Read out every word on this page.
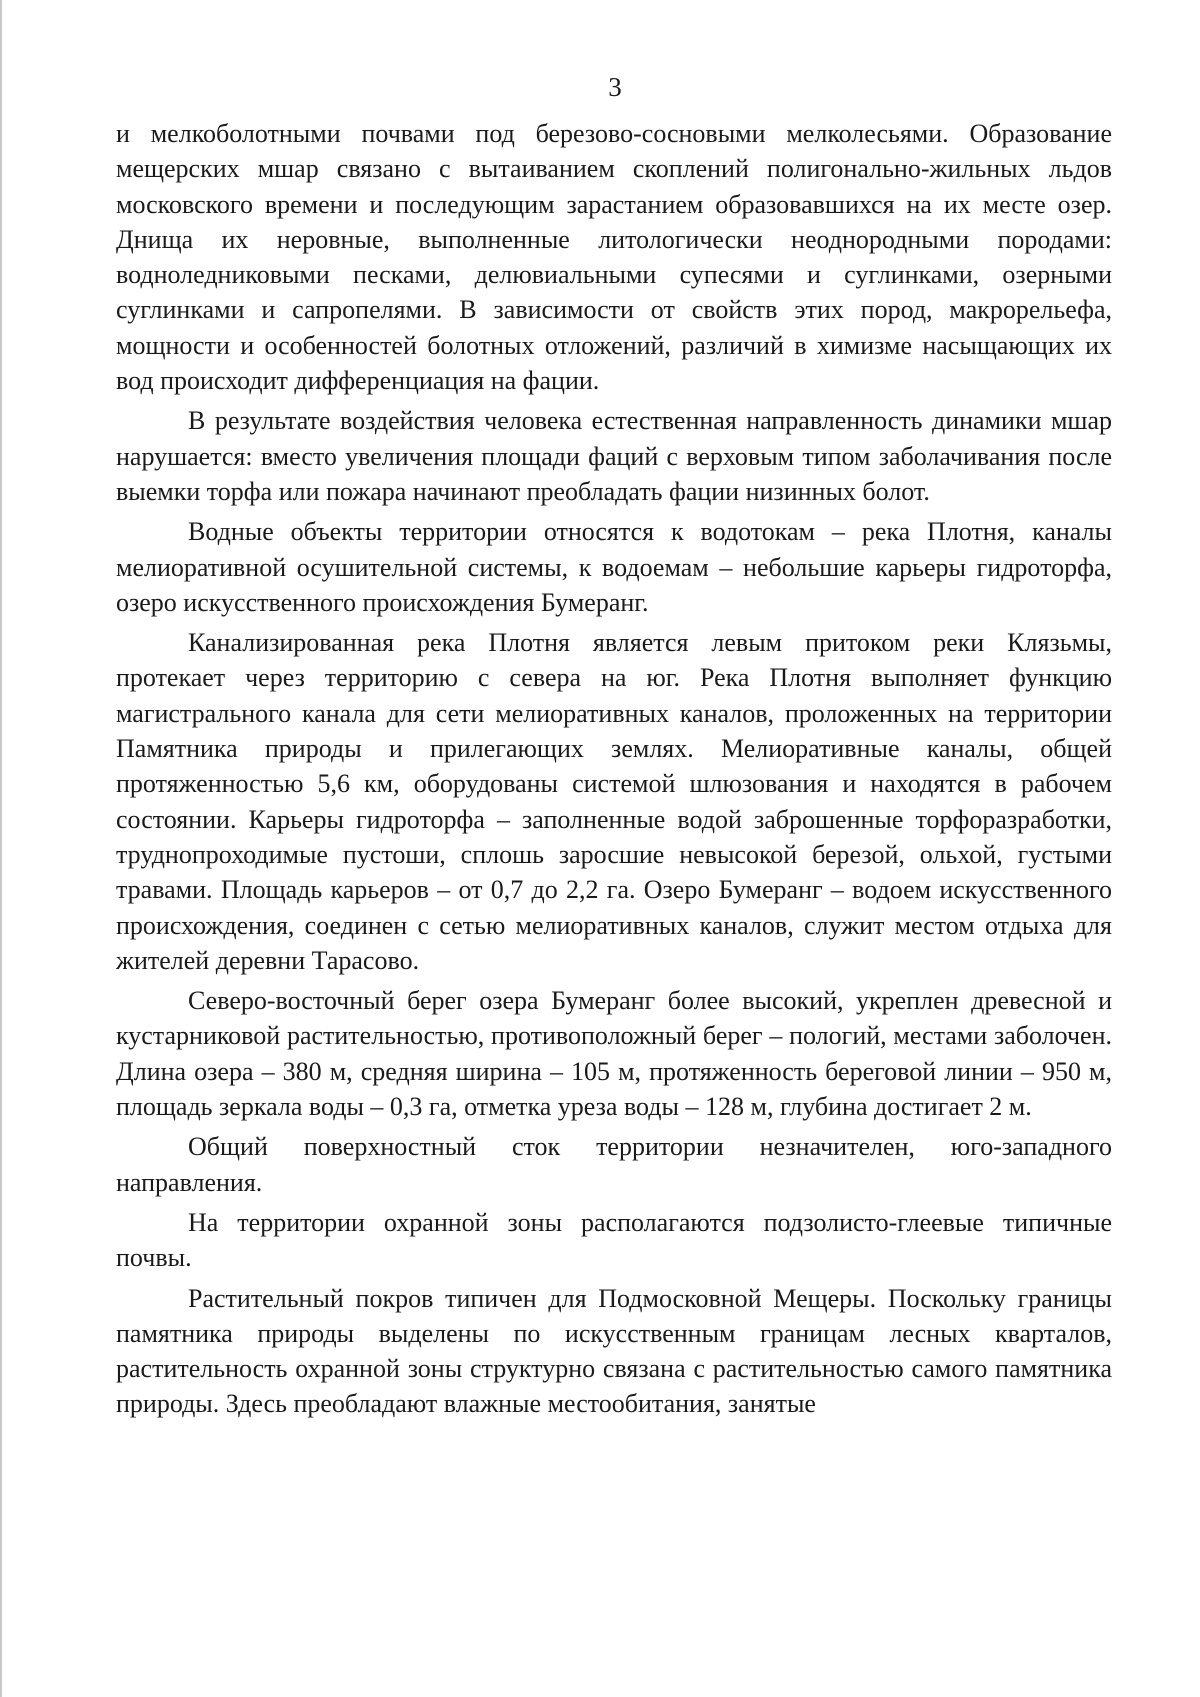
3

и мелкоболотными почвами под березово-сосновыми мелколесьями. Образование мещерских мшар связано с вытаиванием скоплений полигонально-жильных льдов московского времени и последующим зарастанием образовавшихся на их месте озер. Днища их неровные, выполненные литологически неоднородными породами: водноледниковыми песками, делювиальными супесями и суглинками, озерными суглинками и сапропелями. В зависимости от свойств этих пород, макрорельефа, мощности и особенностей болотных отложений, различий в химизме насыщающих их вод происходит дифференциация на фации.

В результате воздействия человека естественная направленность динамики мшар нарушается: вместо увеличения площади фаций с верховым типом заболачивания после выемки торфа или пожара начинают преобладать фации низинных болот.

Водные объекты территории относятся к водотокам – река Плотня, каналы мелиоративной осушительной системы, к водоемам – небольшие карьеры гидроторфа, озеро искусственного происхождения Бумеранг.

Канализированная река Плотня является левым притоком реки Клязьмы, протекает через территорию с севера на юг. Река Плотня выполняет функцию магистрального канала для сети мелиоративных каналов, проложенных на территории Памятника природы и прилегающих землях. Мелиоративные каналы, общей протяженностью 5,6 км, оборудованы системой шлюзования и находятся в рабочем состоянии. Карьеры гидроторфа – заполненные водой заброшенные торфоразработки, труднопроходимые пустоши, сплошь заросшие невысокой березой, ольхой, густыми травами. Площадь карьеров – от 0,7 до 2,2 га. Озеро Бумеранг – водоем искусственного происхождения, соединен с сетью мелиоративных каналов, служит местом отдыха для жителей деревни Тарасово.

Северо-восточный берег озера Бумеранг более высокий, укреплен древесной и кустарниковой растительностью, противоположный берег – пологий, местами заболочен. Длина озера – 380 м, средняя ширина – 105 м, протяженность береговой линии – 950 м, площадь зеркала воды – 0,3 га, отметка уреза воды – 128 м, глубина достигает 2 м.

Общий поверхностный сток территории незначителен, юго-западного направления.

На территории охранной зоны располагаются подзолисто-глеевые типичные почвы.

Растительный покров типичен для Подмосковной Мещеры. Поскольку границы памятника природы выделены по искусственным границам лесных кварталов, растительность охранной зоны структурно связана с растительностью самого памятника природы. Здесь преобладают влажные местообитания, занятые
